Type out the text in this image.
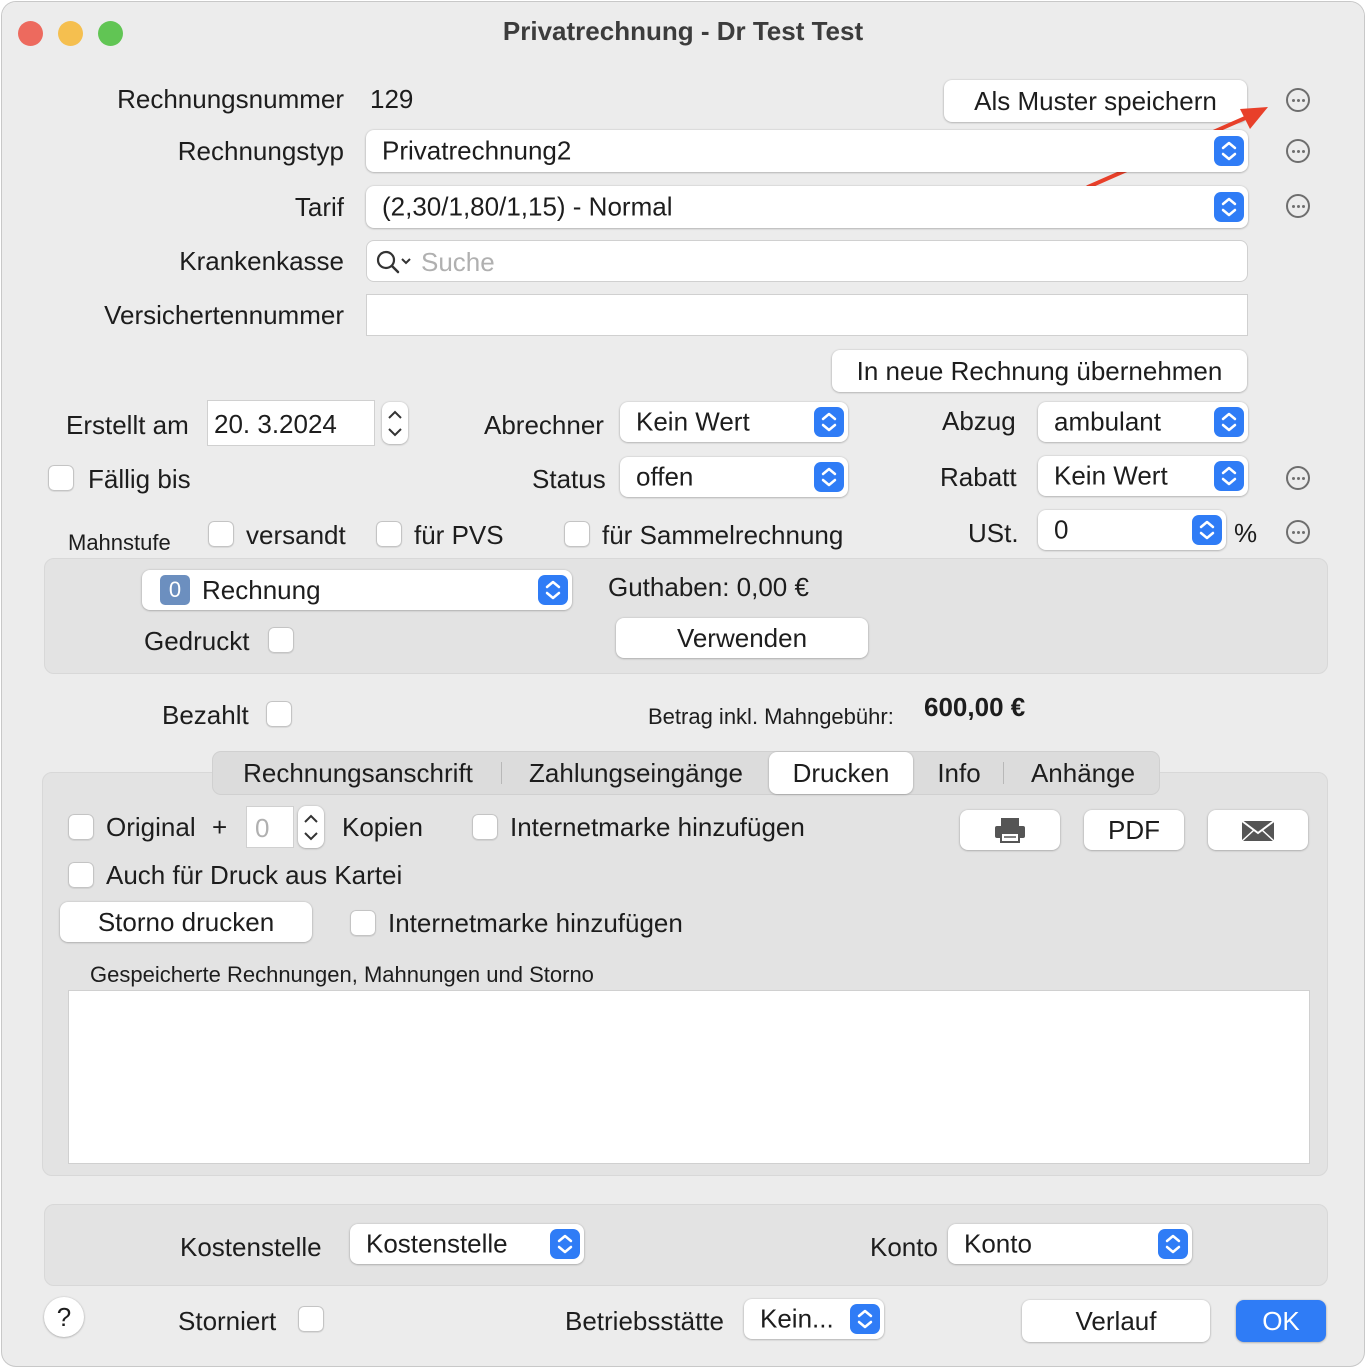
Privatrechnung - Dr Test Test
Rechnungsnummer 129	Als Muster speichern
Rechnungstyp Privatrechnung2
Tarif (2,30/1,80/1,15) - Normal
Krankenkasse	Suche
Versichertennummer
In neue Rechnung übernehmen
Erstellt am 20. 3.2024	Abrechner Kein Wert	Abzug ambulant
Fällig bis	Status offen	Rabatt Kein Wert
Mahnstufe	versandt	für PVS	für Sammelrechnung	USt. 0	%
0 Rechnung
Gedruckt
Guthaben: 0,00 €
Verwenden
Bezahlt	Betrag inkl. Mahngebühr: 600,00 €
Rechnungsanschrift	Zahlungseingänge	Drucken	Info	Anhänge
Original +	0	Kopien	Internetmarke hinzufügen	PDF
Auch für Druck aus Kartei
Storno drucken	Internetmarke hinzufügen
Gespeicherte Rechnungen, Mahnungen und Storno
Kostenstelle Kostenstelle	Konto Konto
?	Storniert	Betriebsstätte Kein...	Verlauf	OK
